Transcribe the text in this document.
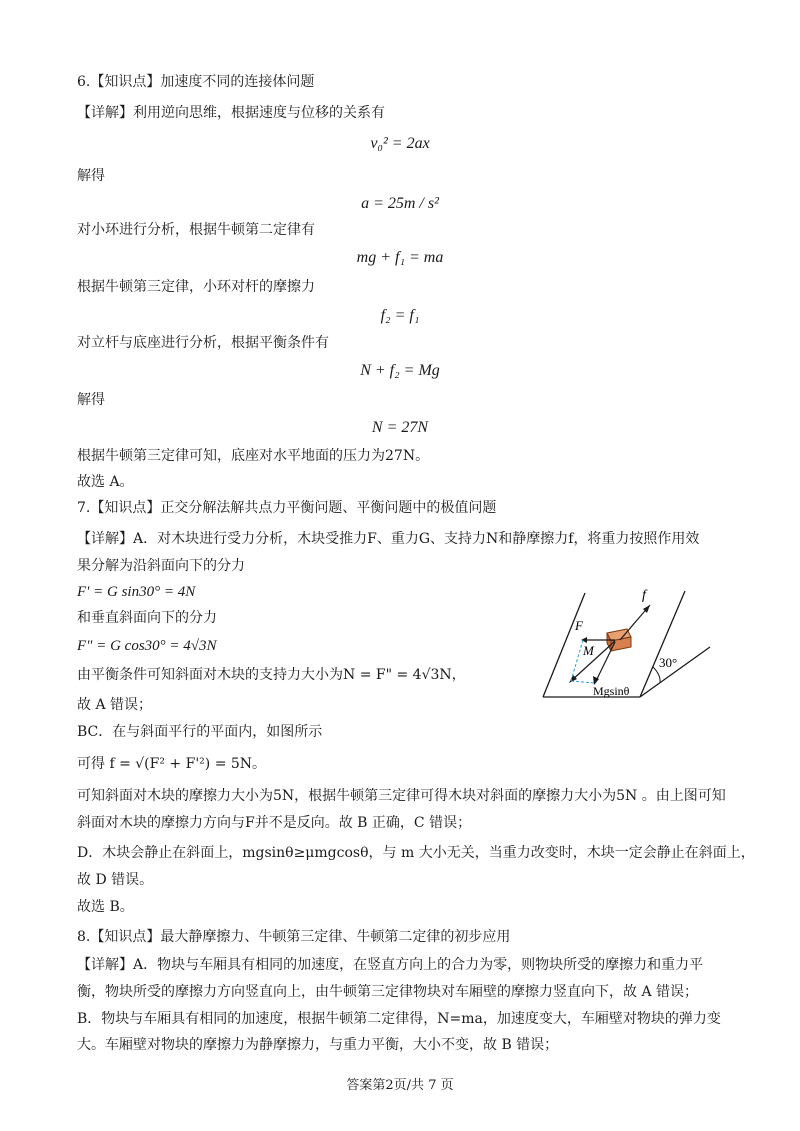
6.【知识点】加速度不同的连接体问题
【详解】利用逆向思维，根据速度与位移的关系有
v₀² = 2ax
解得
a = 25m / s²
对小环进行分析，根据牛顿第二定律有
mg + f₁ = ma
根据牛顿第三定律，小环对杆的摩擦力
f₂ = f₁
对立杆与底座进行分析，根据平衡条件有
N + f₂ = Mg
解得
N = 27N
根据牛顿第三定律可知，底座对水平地面的压力为27N。
故选 A。
7.【知识点】正交分解法解共点力平衡问题、平衡问题中的极值问题
【详解】A．对木块进行受力分析，木块受推力F、重力G、支持力N和静摩擦力f，将重力按照作用效
果分解为沿斜面向下的分力
F' = G sin30° = 4N
和垂直斜面向下的分力
F" = G cos30° = 4√3N
由平衡条件可知斜面对木块的支持力大小为N = F" = 4√3N，
故 A 错误；
BC．在与斜面平行的平面内，如图所示
可得 f = √(F² + F'²) = 5N。
可知斜面对木块的摩擦力大小为5N，根据牛顿第三定律可得木块对斜面的摩擦力大小为5N 。由上图可知
斜面对木块的摩擦力方向与F并不是反向。故 B 正确，C 错误；
D．木块会静止在斜面上，mgsinθ≥μmgcosθ，与 m 大小无关，当重力改变时，木块一定会静止在斜面上，
故 D 错误。
故选 B。
f
F
M
30°
Mgsinθ
8.【知识点】最大静摩擦力、牛顿第三定律、牛顿第二定律的初步应用
【详解】A．物块与车厢具有相同的加速度，在竖直方向上的合力为零，则物块所受的摩擦力和重力平
衡，物块所受的摩擦力方向竖直向上，由牛顿第三定律物块对车厢壁的摩擦力竖直向下，故 A 错误；
B．物块与车厢具有相同的加速度，根据牛顿第二定律得，N=ma，加速度变大，车厢壁对物块的弹力变
大。车厢壁对物块的摩擦力为静摩擦力，与重力平衡，大小不变，故 B 错误；
答案第2页/共 7 页
